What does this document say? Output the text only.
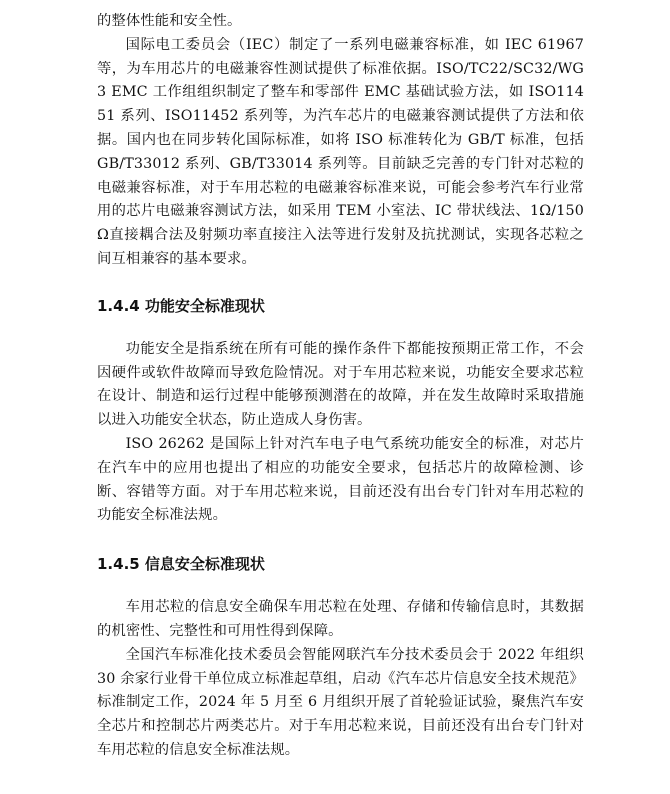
的整体性能和安全性。

国际电工委员会（IEC）制定了一系列电磁兼容标准，如 IEC 61967 等，为车用芯片的电磁兼容性测试提供了标准依据。ISO/TC22/SC32/WG3 EMC 工作组组织制定了整车和零部件 EMC 基础试验方法，如 ISO11451 系列、ISO11452 系列等，为汽车芯片的电磁兼容测试提供了方法和依据。国内也在同步转化国际标准，如将 ISO 标准转化为 GB/T 标准，包括 GB/T33012 系列、GB/T33014 系列等。目前缺乏完善的专门针对芯粒的电磁兼容标准，对于车用芯粒的电磁兼容标准来说，可能会参考汽车行业常用的芯片电磁兼容测试方法，如采用 TEM 小室法、IC 带状线法、1Ω/150Ω直接耦合法及射频功率直接注入法等进行发射及抗扰测试，实现各芯粒之间互相兼容的基本要求。

1.4.4 功能安全标准现状

功能安全是指系统在所有可能的操作条件下都能按预期正常工作，不会因硬件或软件故障而导致危险情况。对于车用芯粒来说，功能安全要求芯粒在设计、制造和运行过程中能够预测潜在的故障，并在发生故障时采取措施以进入功能安全状态，防止造成人身伤害。

ISO 26262 是国际上针对汽车电子电气系统功能安全的标准，对芯片在汽车中的应用也提出了相应的功能安全要求，包括芯片的故障检测、诊断、容错等方面。对于车用芯粒来说，目前还没有出台专门针对车用芯粒的功能安全标准法规。

1.4.5 信息安全标准现状

车用芯粒的信息安全确保车用芯粒在处理、存储和传输信息时，其数据的机密性、完整性和可用性得到保障。

全国汽车标准化技术委员会智能网联汽车分技术委员会于 2022 年组织 30 余家行业骨干单位成立标准起草组，启动《汽车芯片信息安全技术规范》标准制定工作，2024 年 5 月至 6 月组织开展了首轮验证试验，聚焦汽车安全芯片和控制芯片两类芯片。对于车用芯粒来说，目前还没有出台专门针对车用芯粒的信息安全标准法规。
